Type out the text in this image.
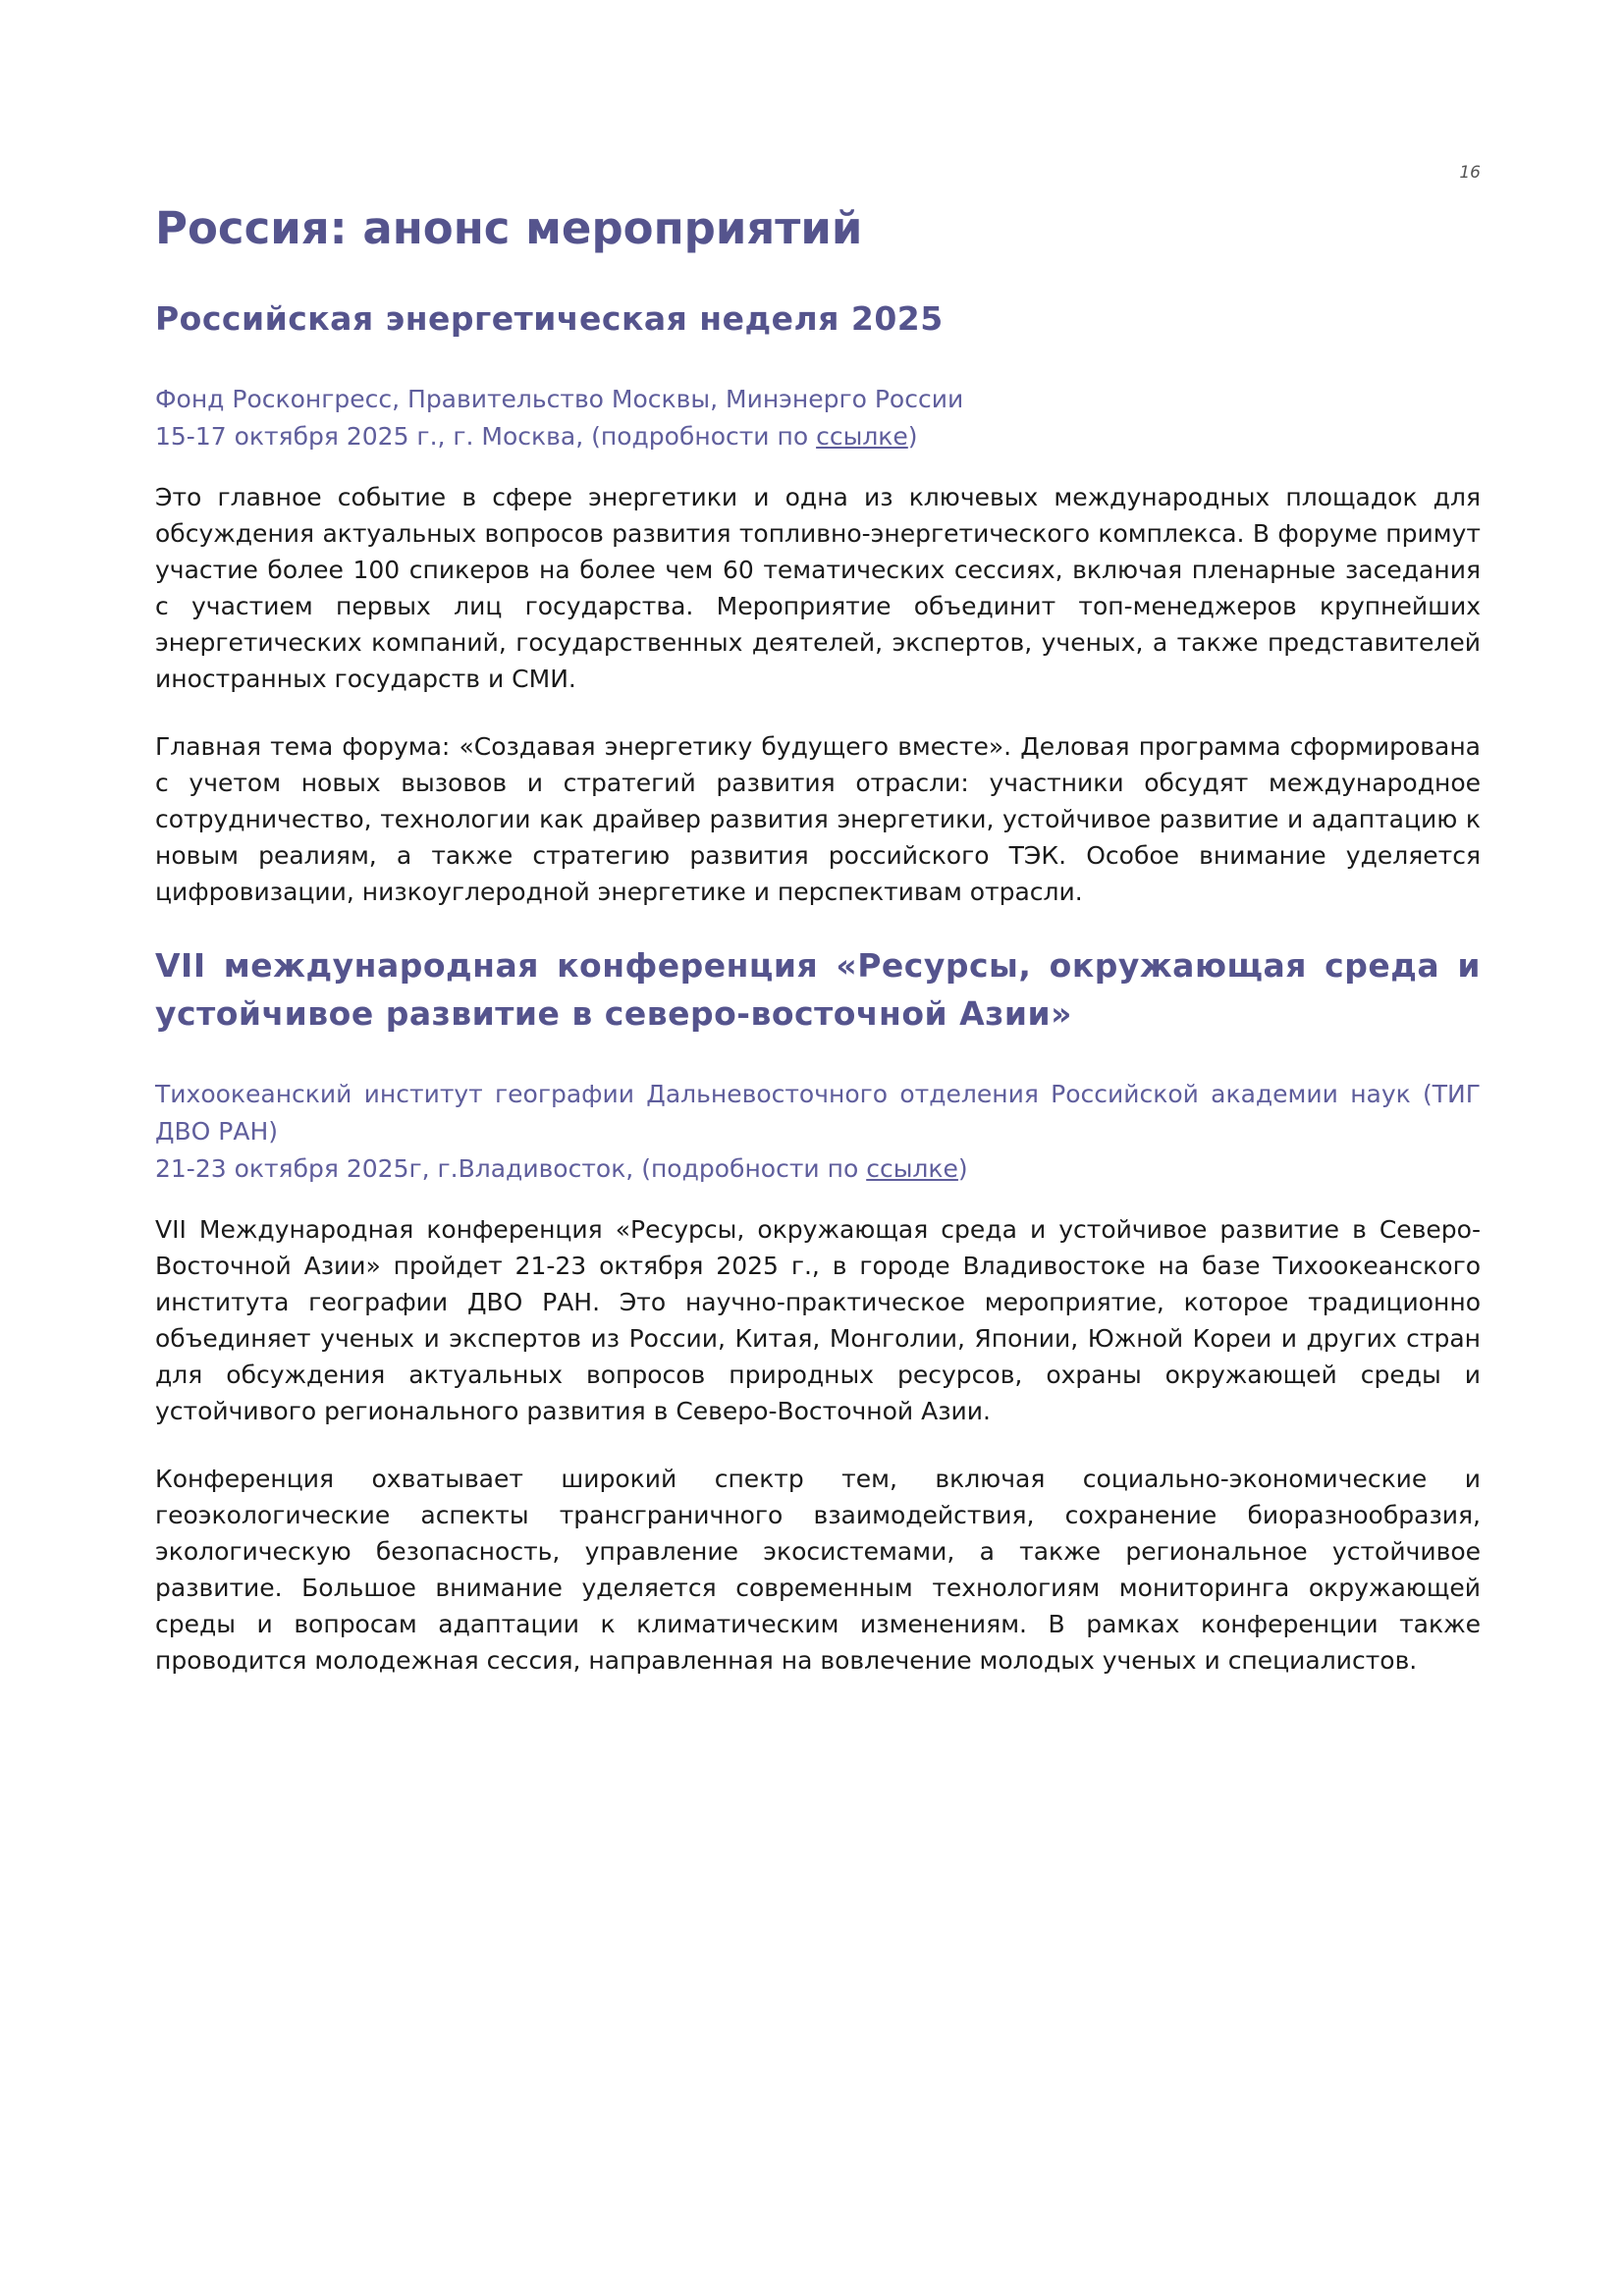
16
Россия: анонс мероприятий
Российская энергетическая неделя 2025
Фонд Росконгресс, Правительство Москвы, Минэнерго России
15-17 октября 2025 г., г. Москва, (подробности по ссылке)

Это главное событие в сфере энергетики и одна из ключевых международных площадок для обсуждения актуальных вопросов развития топливно-энергетического комплекса. В форуме примут участие более 100 спикеров на более чем 60 тематических сессиях, включая пленарные заседания с участием первых лиц государства. Мероприятие объединит топ-менеджеров крупнейших энергетических компаний, государственных деятелей, экспертов, ученых, а также представителей иностранных государств и СМИ.

Главная тема форума: «Создавая энергетику будущего вместе». Деловая программа сформирована с учетом новых вызовов и стратегий развития отрасли: участники обсудят международное сотрудничество, технологии как драйвер развития энергетики, устойчивое развитие и адаптацию к новым реалиям, а также стратегию развития российского ТЭК. Особое внимание уделяется цифровизации, низкоуглеродной энергетике и перспективам отрасли.

VII международная конференция «Ресурсы, окружающая среда и устойчивое развитие в северо-восточной Азии»
Тихоокеанский институт географии Дальневосточного отделения Российской академии наук (ТИГ ДВО РАН)
21-23 октября 2025г, г.Владивосток, (подробности по ссылке)

VII Международная конференция «Ресурсы, окружающая среда и устойчивое развитие в Северо-Восточной Азии» пройдет 21-23 октября 2025 г., в городе Владивостоке на базе Тихоокеанского института географии ДВО РАН. Это научно-практическое мероприятие, которое традиционно объединяет ученых и экспертов из России, Китая, Монголии, Японии, Южной Кореи и других стран для обсуждения актуальных вопросов природных ресурсов, охраны окружающей среды и устойчивого регионального развития в Северо-Восточной Азии.

Конференция охватывает широкий спектр тем, включая социально-экономические и геоэкологические аспекты трансграничного взаимодействия, сохранение биоразнообразия, экологическую безопасность, управление экосистемами, а также региональное устойчивое развитие. Большое внимание уделяется современным технологиям мониторинга окружающей среды и вопросам адаптации к климатическим изменениям. В рамках конференции также проводится молодежная сессия, направленная на вовлечение молодых ученых и специалистов.
